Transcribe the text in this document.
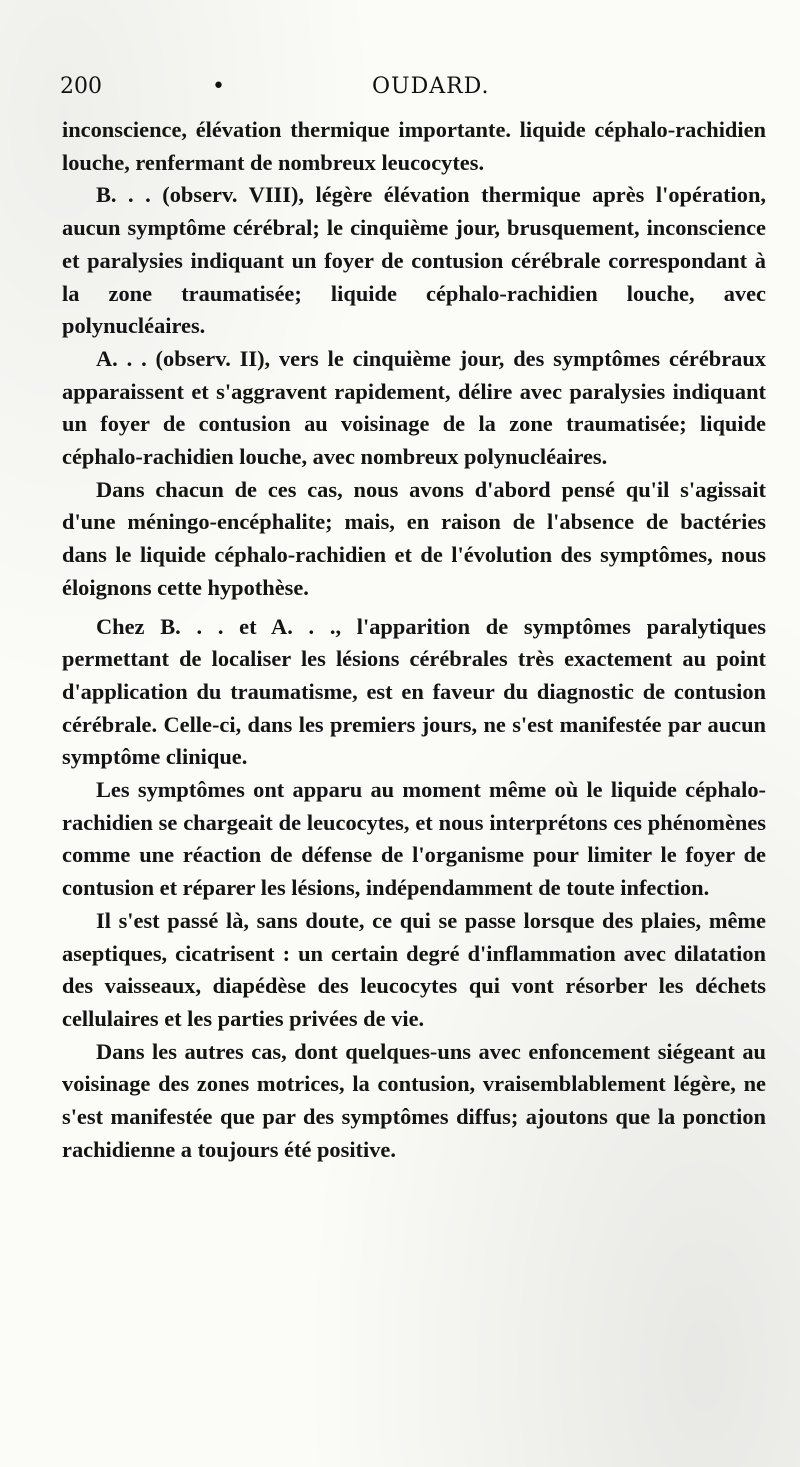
200	•	OUDARD.

inconscience, élévation thermique importante. liquide céphalo-rachidien louche, renfermant de nombreux leucocytes.

B. . . (observ. VIII), légère élévation thermique après l'opération, aucun symptôme cérébral; le cinquième jour, brusquement, inconscience et paralysies indiquant un foyer de contusion cérébrale correspondant à la zone traumatisée; liquide céphalo-rachidien louche, avec polynucléaires.

A. . . (observ. II), vers le cinquième jour, des symptômes cérébraux apparaissent et s'aggravent rapidement, délire avec paralysies indiquant un foyer de contusion au voisinage de la zone traumatisée; liquide céphalo-rachidien louche, avec nombreux polynucléaires.

Dans chacun de ces cas, nous avons d'abord pensé qu'il s'agissait d'une méningo-encéphalite; mais, en raison de l'absence de bactéries dans le liquide céphalo-rachidien et de l'évolution des symptômes, nous éloignons cette hypothèse.

Chez B. . . et A. . ., l'apparition de symptômes paralytiques permettant de localiser les lésions cérébrales très exactement au point d'application du traumatisme, est en faveur du diagnostic de contusion cérébrale. Celle-ci, dans les premiers jours, ne s'est manifestée par aucun symptôme clinique.

Les symptômes ont apparu au moment même où le liquide céphalo-rachidien se chargeait de leucocytes, et nous interprétons ces phénomènes comme une réaction de défense de l'organisme pour limiter le foyer de contusion et réparer les lésions, indépendamment de toute infection.

Il s'est passé là, sans doute, ce qui se passe lorsque des plaies, même aseptiques, cicatrisent : un certain degré d'inflammation avec dilatation des vaisseaux, diapédèse des leucocytes qui vont résorber les déchets cellulaires et les parties privées de vie.

Dans les autres cas, dont quelques-uns avec enfoncement siégeant au voisinage des zones motrices, la contusion, vraisemblablement légère, ne s'est manifestée que par des symptômes diffus; ajoutons que la ponction rachidienne a toujours été positive.
